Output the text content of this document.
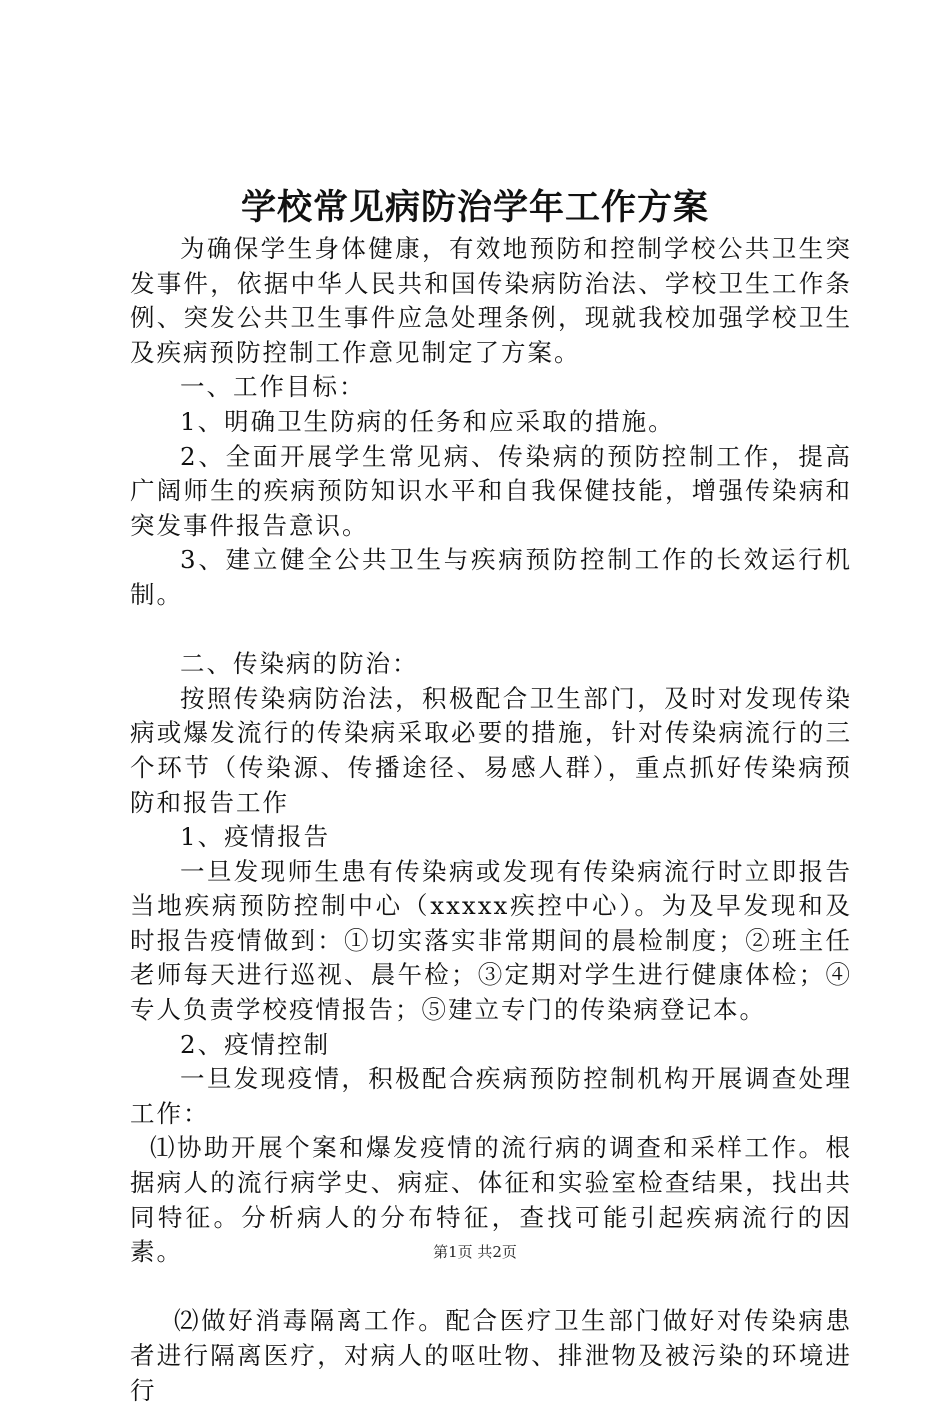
学校常见病防治学年工作方案

为确保学生身体健康，有效地预防和控制学校公共卫生突发事件，依据中华人民共和国传染病防治法、学校卫生工作条例、突发公共卫生事件应急处理条例，现就我校加强学校卫生及疾病预防控制工作意见制定了方案。

一、工作目标：

1、明确卫生防病的任务和应采取的措施。

2、全面开展学生常见病、传染病的预防控制工作，提高广阔师生的疾病预防知识水平和自我保健技能，增强传染病和突发事件报告意识。

3、建立健全公共卫生与疾病预防控制工作的长效运行机制。

二、传染病的防治：

按照传染病防治法，积极配合卫生部门，及时对发现传染病或爆发流行的传染病采取必要的措施，针对传染病流行的三个环节（传染源、传播途径、易感人群），重点抓好传染病预防和报告工作

1、疫情报告

一旦发现师生患有传染病或发现有传染病流行时立即报告当地疾病预防控制中心（xxxxx疾控中心）。为及早发现和及时报告疫情做到：①切实落实非常期间的晨检制度；②班主任老师每天进行巡视、晨午检；③定期对学生进行健康体检；④专人负责学校疫情报告；⑤建立专门的传染病登记本。

2、疫情控制

一旦发现疫情，积极配合疾病预防控制机构开展调查处理工作：

⑴协助开展个案和爆发疫情的流行病的调查和采样工作。根据病人的流行病学史、病症、体征和实验室检查结果，找出共同特征。分析病人的分布特征，查找可能引起疾病流行的因素。

⑵做好消毒隔离工作。配合医疗卫生部门做好对传染病患者进行隔离医疗，对病人的呕吐物、排泄物及被污染的环境进行

第1页 共2页
